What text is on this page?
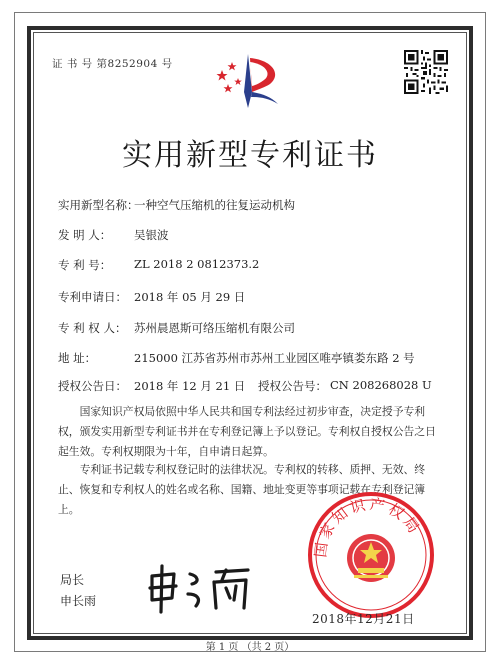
证 书 号 第8252904 号
实用新型专利证书
实用新型名称：
一种空气压缩机的往复运动机构
发 明 人： 吴银波
专 利 号： ZL 2018 2 0812373.2
专利申请日： 2018 年 05 月 29 日
专 利 权 人： 苏州晨恩斯可络压缩机有限公司
地 址：	215000 江苏省苏州市苏州工业园区唯亭镇娄东路 2 号
授权公告日： 2018 年 12 月 21 日 授权公告号： CN 208268028 U
国家知识产权局依照中华人民共和国专利法经过初步审查，决定授予专利权，颁发实用新型专利证书并在专利登记簿上予以登记。专利权自授权公告之日起生效。专利权期限为十年，自申请日起算。
专利证书记载专利权登记时的法律状况。专利权的转移、质押、无效、终止、恢复和专利权人的姓名或名称、国籍、地址变更等事项记载在专利登记簿上。
局长
申长雨
国家知识产权局
2018年12月21日
第 1 页 （共 2 页）
